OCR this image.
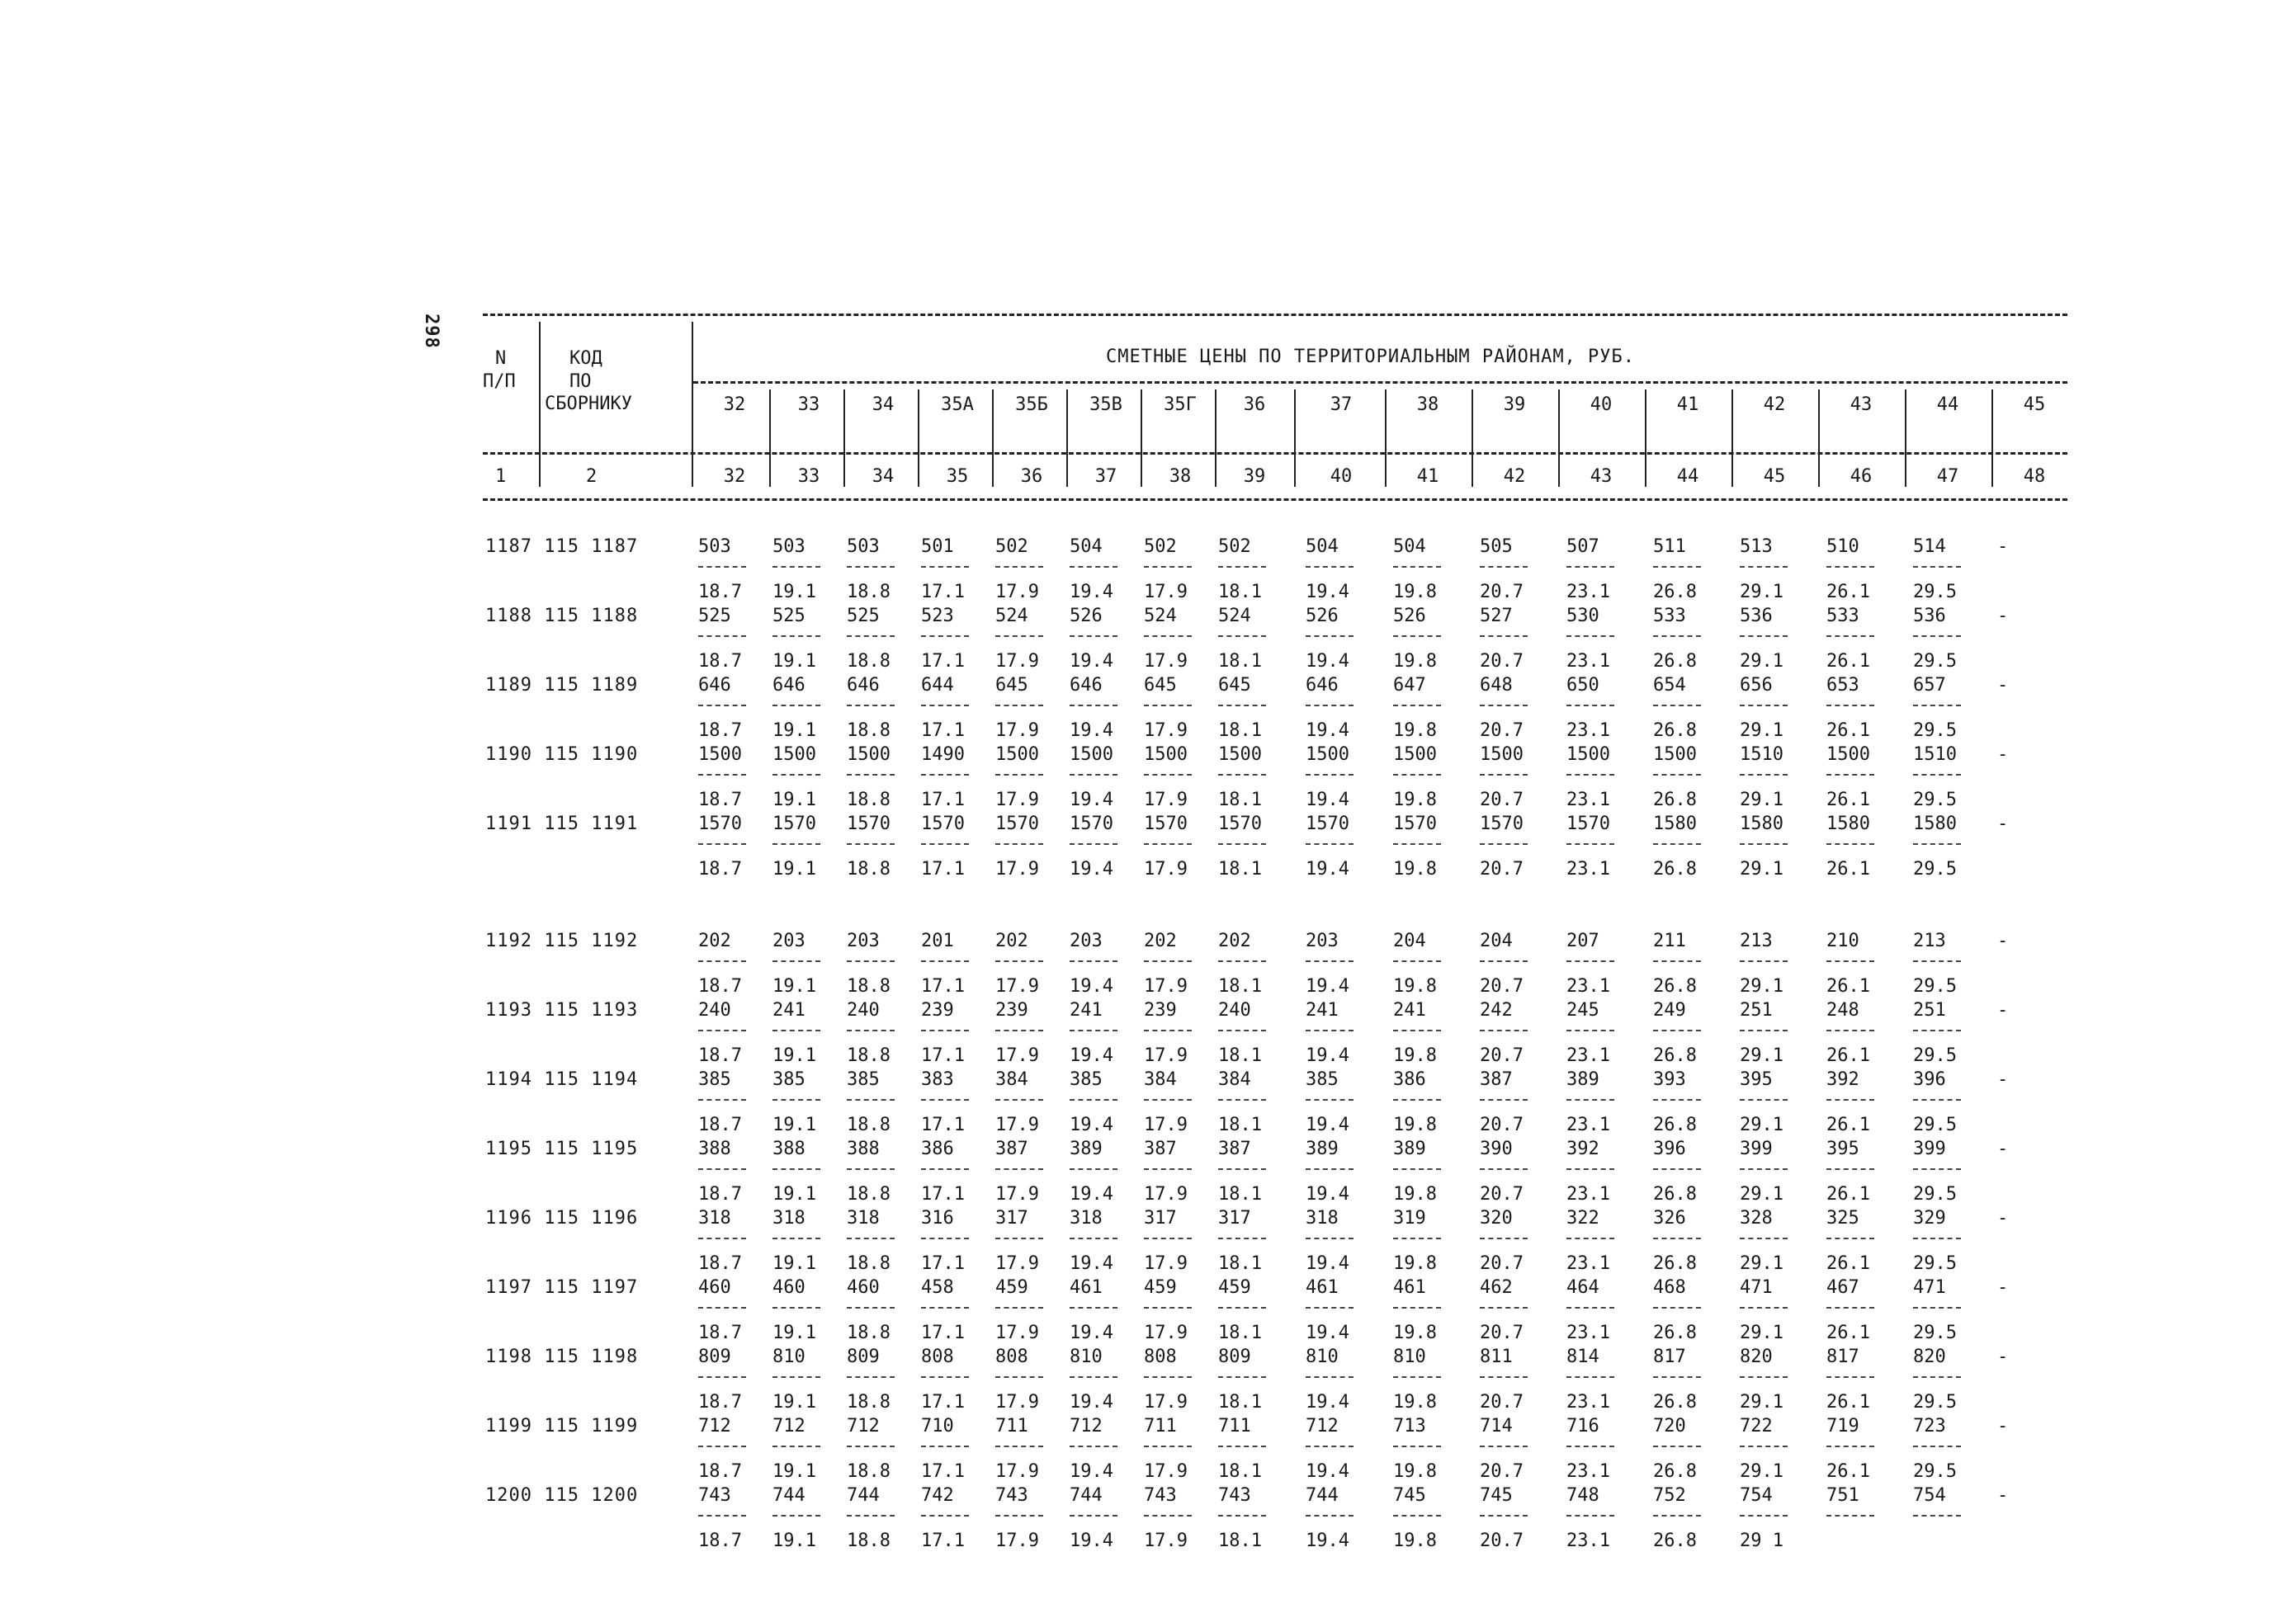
298
N
П/П
КОД
ПО
СБОРНИКУ
1	2
СМЕТНЫЕ ЦЕНЫ ПО ТЕРРИТОРИАЛЬНЫМ РАЙОНАМ, РУБ.
32	33	34	35А	35Б	35В	35Г	36	37	38	39	40	41	42	43	44	45
32	33	34	35	36	37	38	39	40	41	42	43	44	45	46	47	48
1187 115 1187	503 503 503 501 502 504 502 502	504	504	505	507	511	513	510	514
18.7 19.1 18.8 17.1 17.9 19.4 17.9 18.1 19.4 19.8 20.7 23.1 26.8 29.1 26.1 29.5
-
1188 115 1188	525 525 525 523 524 526 524 524	526	526	527	530	533	536	533	536
18.7 19.1 18.8 17.1 17.9 19.4 17.9 18.1 19.4 19.8 20.7 23.1 26.8 29.1 26.1 29.5
-
1189 115 1189	646 646 646 644 645 646 645 645	646	647	648	650	654	656	653	657
18.7 19.1 18.8 17.1 17.9 19.4 17.9 18.1 19.4 19.8 20.7 23.1 26.8 29.1 26.1 29.5
-
1190 115 1190	1500 1500 1500 1490 1500 1500 1500 1500 1500 1500 1500 1500 1500 1510 1500 1510
18.7 19.1 18.8 17.1 17.9 19.4 17.9 18.1 19.4 19.8 20.7 23.1 26.8 29.1 26.1 29.5
-
1191 115 1191	1570 1570 1570 1570 1570 1570 1570 1570 1570 1570 1570 1570 1580 1580 1580 1580
18.7 19.1 18.8 17.1 17.9 19.4 17.9 18.1 19.4 19.8 20.7 23.1 26.8 29.1 26.1 29.5
-
1192 115 1192	202 203 203 201 202 203 202 202	203	204	204	207	211	213	210	213
18.7 19.1 18.8 17.1 17.9 19.4 17.9 18.1 19.4 19.8 20.7 23.1 26.8 29.1 26.1 29.5
-
1193 115 1193	240 241 240 239 239 241 239 240	241	241	242	245	249	251	248	251
18.7 19.1 18.8 17.1 17.9 19.4 17.9 18.1 19.4 19.8 20.7 23.1 26.8 29.1 26.1 29.5
-
1194 115 1194	385 385 385 383 384 385 384 384	385	386	387	389	393	395	392	396
18.7 19.1 18.8 17.1 17.9 19.4 17.9 18.1 19.4 19.8 20.7 23.1 26.8 29.1 26.1 29.5
-
1195 115 1195	388 388 388 386 387 389 387 387	389	389	390	392	396	399	395	399
18.7 19.1 18.8 17.1 17.9 19.4 17.9 18.1 19.4 19.8 20.7 23.1 26.8 29.1 26.1 29.5
-
1196 115 1196	318 318 318 316 317 318 317 317	318	319	320	322	326	328	325	329
18.7 19.1 18.8 17.1 17.9 19.4 17.9 18.1 19.4 19.8 20.7 23.1 26.8 29.1 26.1 29.5
-
1197 115 1197	460 460 460 458 459 461 459 459	461	461	462	464	468	471	467	471
18.7 19.1 18.8 17.1 17.9 19.4 17.9 18.1 19.4 19.8 20.7 23.1 26.8 29.1 26.1 29.5
-
1198 115 1198	809 810 809 808 808 810 808 809	810	810	811	814	817	820	817	820
18.7 19.1 18.8 17.1 17.9 19.4 17.9 18.1 19.4 19.8 20.7 23.1 26.8 29.1 26.1 29.5
-
1199 115 1199	712 712 712 710 711 712 711 711	712	713	714	716	720	722	719	723
18.7 19.1 18.8 17.1 17.9 19.4 17.9 18.1 19.4 19.8 20.7 23.1 26.8 29.1 26.1 29.5
-
1200 115 1200	743 744 744 742 743 744 743 743	744	745	745	748	752	754	751	754
18.7 19.1 18.8 17.1 17.9 19.4 17.9 18.1 19.4 19.8 20.7 23.1 26.8 29 1
-
